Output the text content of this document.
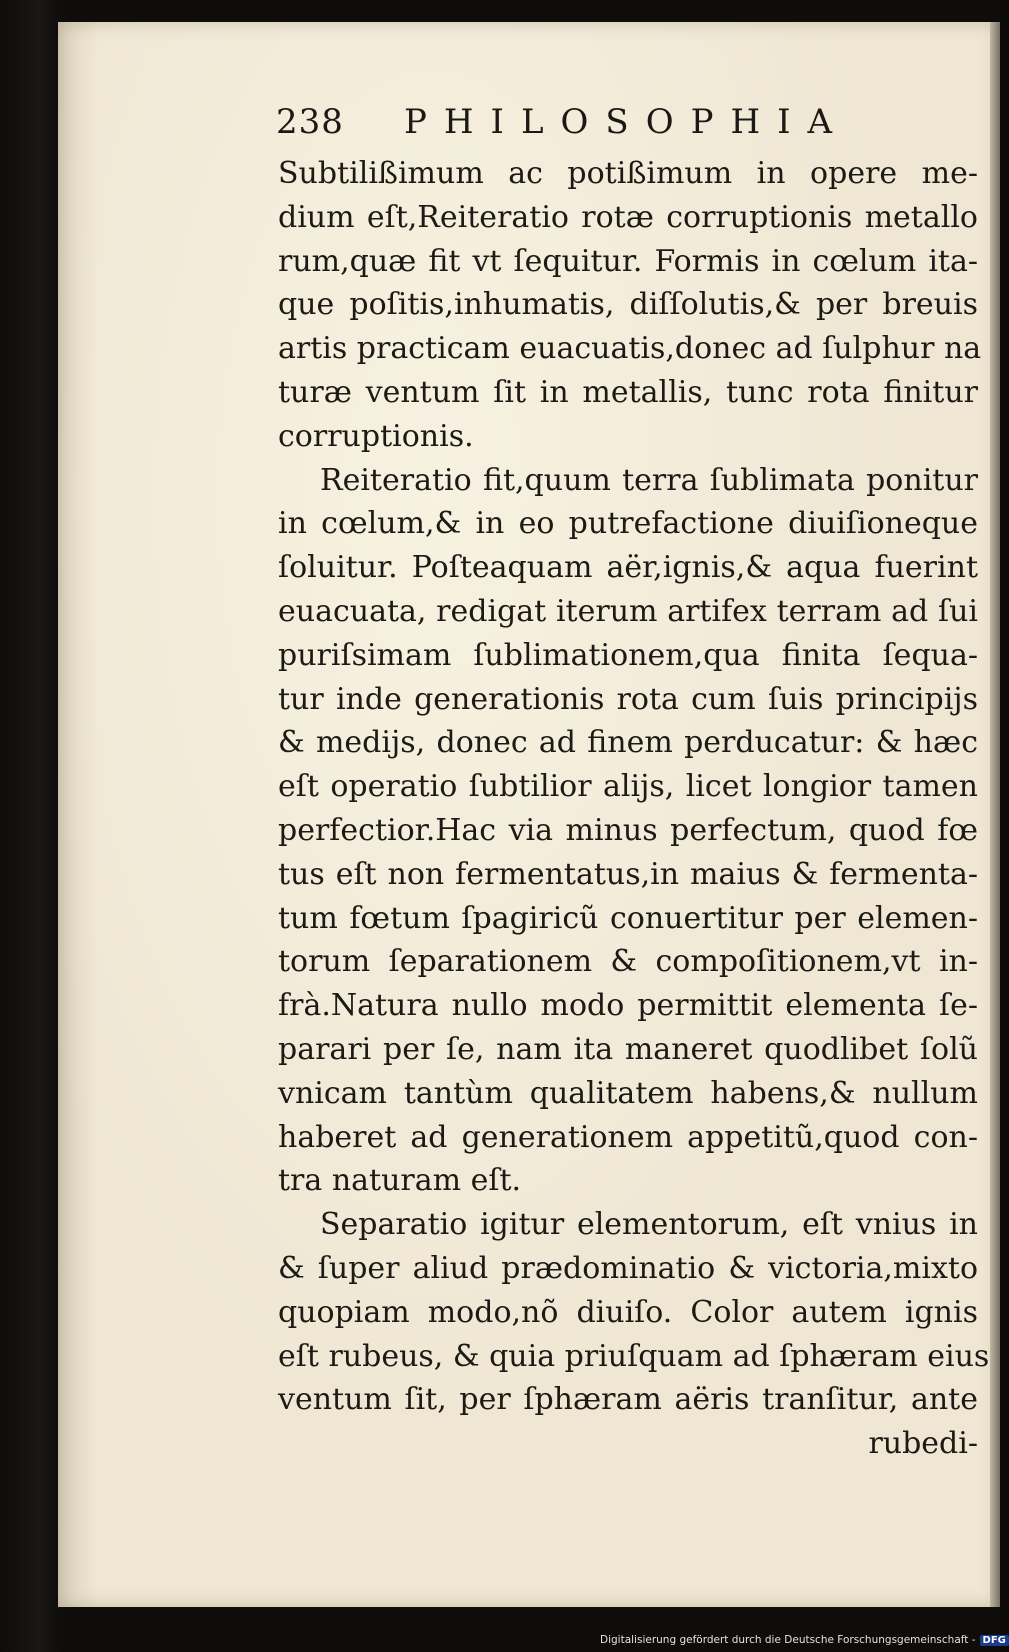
238 PHILOSOPHIA
Subtilißimum ac potißimum in opere me-
dium eſt,Reiteratio rotæ corruptionis metallo
rum,quæ fit vt ſequitur. Formis in cœlum ita-
que poſitis,inhumatis, diſſolutis,& per breuis
artis practicam euacuatis,donec ad ſulphur na
turæ ventum ſit in metallis, tunc rota finitur
corruptionis.
Reiteratio fit,quum terra ſublimata ponitur
in cœlum,& in eo putrefactione diuiſioneque
ſoluitur. Poſteaquam aër,ignis,& aqua fuerint
euacuata, redigat iterum artifex terram ad ſui
puriſsimam ſublimationem,qua finita ſequa-
tur inde generationis rota cum ſuis principijs
& medijs, donec ad finem perducatur: & hæc
eſt operatio ſubtilior alijs, licet longior tamen
perfectior.Hac via minus perfectum, quod fœ
tus eſt non fermentatus,in maius & fermenta-
tum fœtum ſpagiricũ conuertitur per elemen-
torum ſeparationem & compoſitionem,vt in-
frà.Natura nullo modo permittit elementa ſe-
parari per ſe, nam ita maneret quodlibet ſolũ
vnicam tantùm qualitatem habens,& nullum
haberet ad generationem appetitũ,quod con-
tra naturam eſt.
Separatio igitur elementorum, eſt vnius in
& ſuper aliud prædominatio & victoria,mixto
quopiam modo,nõ diuiſo. Color autem ignis
eſt rubeus, & quia priuſquam ad ſphæram eius
ventum ſit, per ſphæram aëris tranſitur, ante
rubedi-
Digitalisierung gefördert durch die Deutsche Forschungsgemeinschaft - DFG
